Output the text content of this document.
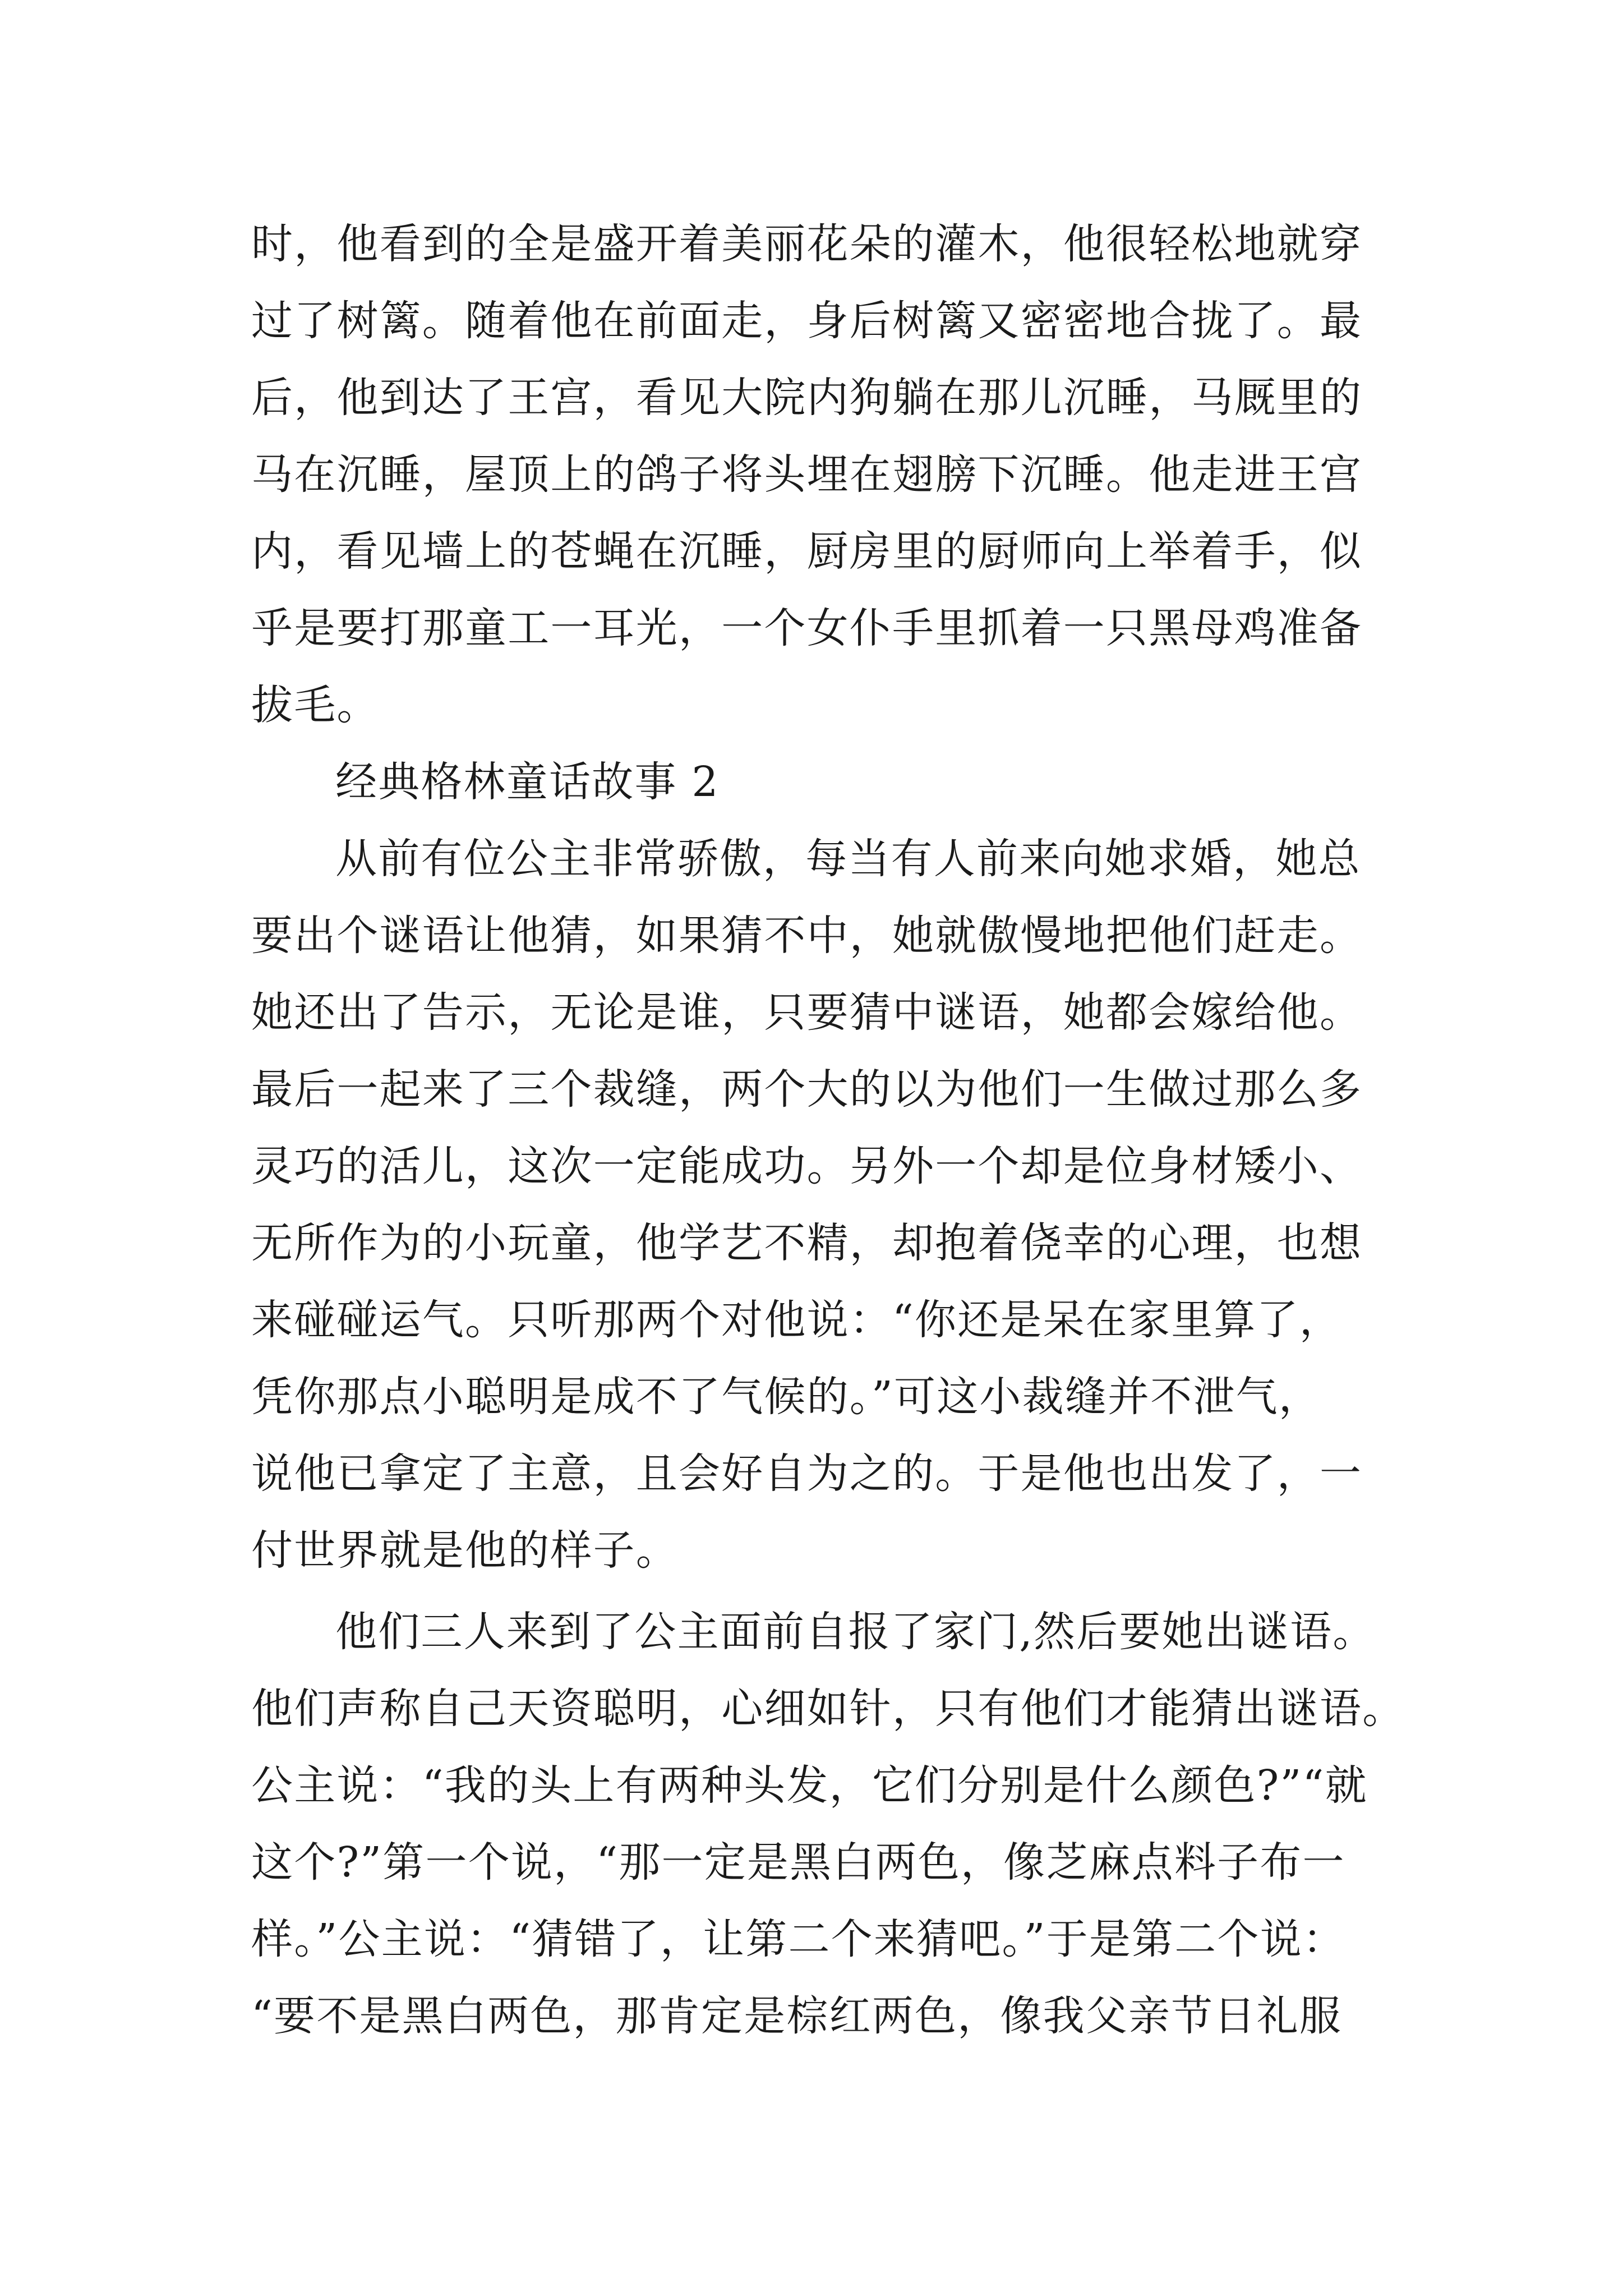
时，他看到的全是盛开着美丽花朵的灌木，他很轻松地就穿
过了树篱。随着他在前面走，身后树篱又密密地合拢了。最
后，他到达了王宫，看见大院内狗躺在那儿沉睡，马厩里的
马在沉睡，屋顶上的鸽子将头埋在翅膀下沉睡。他走进王宫
内，看见墙上的苍蝇在沉睡，厨房里的厨师向上举着手，似
乎是要打那童工一耳光，一个女仆手里抓着一只黑母鸡准备
拔毛。
经典格林童话故事 2
从前有位公主非常骄傲，每当有人前来向她求婚，她总
要出个谜语让他猜，如果猜不中，她就傲慢地把他们赶走。
她还出了告示，无论是谁，只要猜中谜语，她都会嫁给他。
最后一起来了三个裁缝，两个大的以为他们一生做过那么多
灵巧的活儿，这次一定能成功。另外一个却是位身材矮小、
无所作为的小玩童，他学艺不精，却抱着侥幸的心理，也想
来碰碰运气。只听那两个对他说：“你还是呆在家里算了，
凭你那点小聪明是成不了气候的。”可这小裁缝并不泄气，
说他已拿定了主意，且会好自为之的。于是他也出发了，一
付世界就是他的样子。
他们三人来到了公主面前自报了家门,然后要她出谜语。
他们声称自己天资聪明，心细如针，只有他们才能猜出谜语。
公主说：“我的头上有两种头发，它们分别是什么颜色?”“就
这个?”第一个说，“那一定是黑白两色，像芝麻点料子布一
样。”公主说：“猜错了，让第二个来猜吧。”于是第二个说：
“要不是黑白两色，那肯定是棕红两色，像我父亲节日礼服
